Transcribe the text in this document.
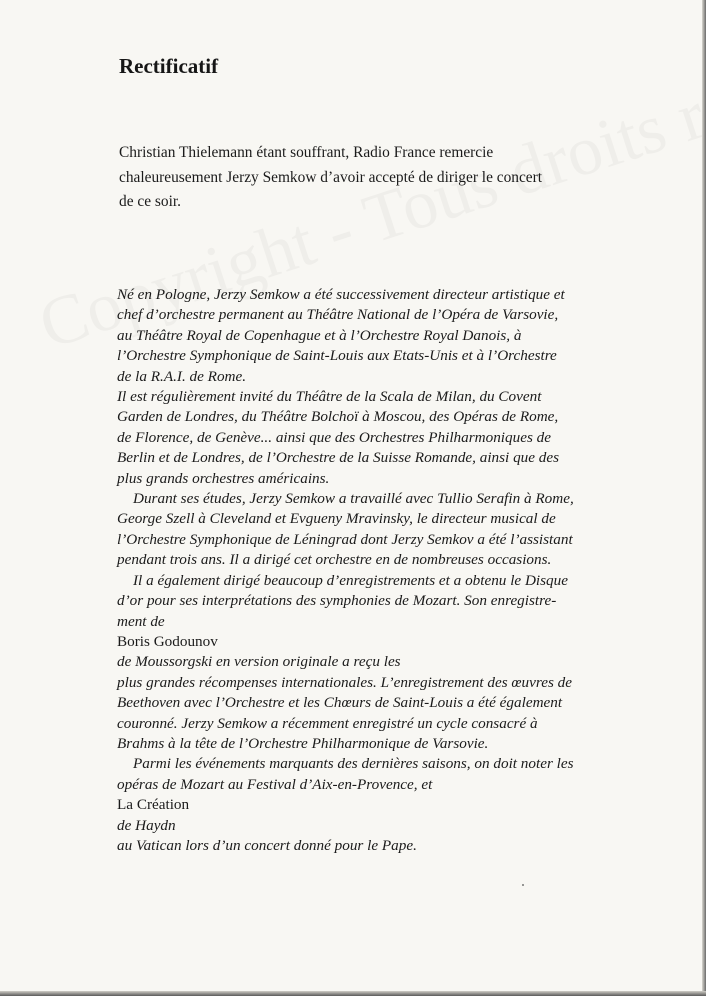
Rectificatif
Christian Thielemann étant souffrant, Radio France remercie
chaleureusement Jerzy Semkow d’avoir accepté de diriger le concert
de ce soir.
Né en Pologne, Jerzy Semkow a été successivement directeur artistique et
chef d’orchestre permanent au Théâtre National de l’Opéra de Varsovie,
au Théâtre Royal de Copenhague et à l’Orchestre Royal Danois, à
l’Orchestre Symphonique de Saint-Louis aux Etats-Unis et à l’Orchestre
de la R.A.I. de Rome.
Il est régulièrement invité du Théâtre de la Scala de Milan, du Covent
Garden de Londres, du Théâtre Bolchoï à Moscou, des Opéras de Rome,
de Florence, de Genève... ainsi que des Orchestres Philharmoniques de
Berlin et de Londres, de l’Orchestre de la Suisse Romande, ainsi que des
plus grands orchestres américains.
Durant ses études, Jerzy Semkow a travaillé avec Tullio Serafin à Rome,
George Szell à Cleveland et Evgueny Mravinsky, le directeur musical de
l’Orchestre Symphonique de Léningrad dont Jerzy Semkov a été l’assistant
pendant trois ans. Il a dirigé cet orchestre en de nombreuses occasions.
Il a également dirigé beaucoup d’enregistrements et a obtenu le Disque
d’or pour ses interprétations des symphonies de Mozart. Son enregistre-
ment de
Boris Godounov
de Moussorgski en version originale a reçu les
plus grandes récompenses internationales. L’enregistrement des œuvres de
Beethoven avec l’Orchestre et les Chœurs de Saint-Louis a été également
couronné. Jerzy Semkow a récemment enregistré un cycle consacré à
Brahms à la tête de l’Orchestre Philharmonique de Varsovie.
Parmi les événements marquants des dernières saisons, on doit noter les
opéras de Mozart au Festival d’Aix-en-Provence, et
La Création
de Haydn
au Vatican lors d’un concert donné pour le Pape.
